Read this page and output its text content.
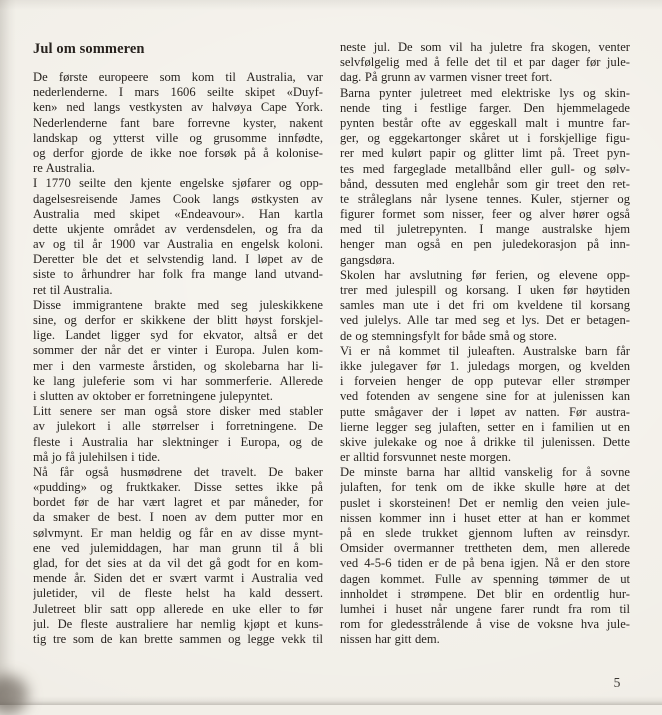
Jul om sommeren
De første europeere som kom til Australia, var
nederlenderne. I mars 1606 seilte skipet «Duyf-
ken» ned langs vestkysten av halvøya Cape York.
Nederlenderne fant bare forrevne kyster, nakent
landskap og ytterst ville og grusomme innfødte,
og derfor gjorde de ikke noe forsøk på å kolonise-
re Australia.
I 1770 seilte den kjente engelske sjøfarer og opp-
dagelsesreisende James Cook langs østkysten av
Australia med skipet «Endeavour». Han kartla
dette ukjente området av verdensdelen, og fra da
av og til år 1900 var Australia en engelsk koloni.
Deretter ble det et selvstendig land. I løpet av de
siste to århundrer har folk fra mange land utvand-
ret til Australia.
Disse immigrantene brakte med seg juleskikkene
sine, og derfor er skikkene der blitt høyst forskjel-
lige. Landet ligger syd for ekvator, altså er det
sommer der når det er vinter i Europa. Julen kom-
mer i den varmeste årstiden, og skolebarna har li-
ke lang juleferie som vi har sommerferie. Allerede
i slutten av oktober er forretningene julepyntet.
Litt senere ser man også store disker med stabler
av julekort i alle størrelser i forretningene. De
fleste i Australia har slektninger i Europa, og de
må jo få julehilsen i tide.
Nå får også husmødrene det travelt. De baker
«pudding» og fruktkaker. Disse settes ikke på
bordet før de har vært lagret et par måneder, for
da smaker de best. I noen av dem putter mor en
sølvmynt. Er man heldig og får en av disse mynt-
ene ved julemiddagen, har man grunn til å bli
glad, for det sies at da vil det gå godt for en kom-
mende år. Siden det er svært varmt i Australia ved
juletider, vil de fleste helst ha kald dessert.
Juletreet blir satt opp allerede en uke eller to før
jul. De fleste australiere har nemlig kjøpt et kuns-
tig tre som de kan brette sammen og legge vekk til
neste jul. De som vil ha juletre fra skogen, venter
selvfølgelig med å felle det til et par dager før jule-
dag. På grunn av varmen visner treet fort.
Barna pynter juletreet med elektriske lys og skin-
nende ting i festlige farger. Den hjemmelagede
pynten består ofte av eggeskall malt i muntre far-
ger, og eggekartonger skåret ut i forskjellige figu-
rer med kulørt papir og glitter limt på. Treet pyn-
tes med fargeglade metallbånd eller gull- og sølv-
bånd, dessuten med englehår som gir treet den ret-
te stråleglans når lysene tennes. Kuler, stjerner og
figurer formet som nisser, feer og alver hører også
med til juletrepynten. I mange australske hjem
henger man også en pen juledekorasjon på inn-
gangsdøra.
Skolen har avslutning før ferien, og elevene opp-
trer med julespill og korsang. I uken før høytiden
samles man ute i det fri om kveldene til korsang
ved julelys. Alle tar med seg et lys. Det er betagen-
de og stemningsfylt for både små og store.
Vi er nå kommet til juleaften. Australske barn får
ikke julegaver før 1. juledags morgen, og kvelden
i forveien henger de opp putevar eller strømper
ved fotenden av sengene sine for at julenissen kan
putte smågaver der i løpet av natten. Før austra-
lierne legger seg julaften, setter en i familien ut en
skive julekake og noe å drikke til julenissen. Dette
er alltid forsvunnet neste morgen.
De minste barna har alltid vanskelig for å sovne
julaften, for tenk om de ikke skulle høre at det
puslet i skorsteinen! Det er nemlig den veien jule-
nissen kommer inn i huset etter at han er kommet
på en slede trukket gjennom luften av reinsdyr.
Omsider overmanner trettheten dem, men allerede
ved 4-5-6 tiden er de på bena igjen. Nå er den store
dagen kommet. Fulle av spenning tømmer de ut
innholdet i strømpene. Det blir en ordentlig hur-
lumhei i huset når ungene farer rundt fra rom til
rom for gledesstrålende å vise de voksne hva jule-
nissen har gitt dem.
5
